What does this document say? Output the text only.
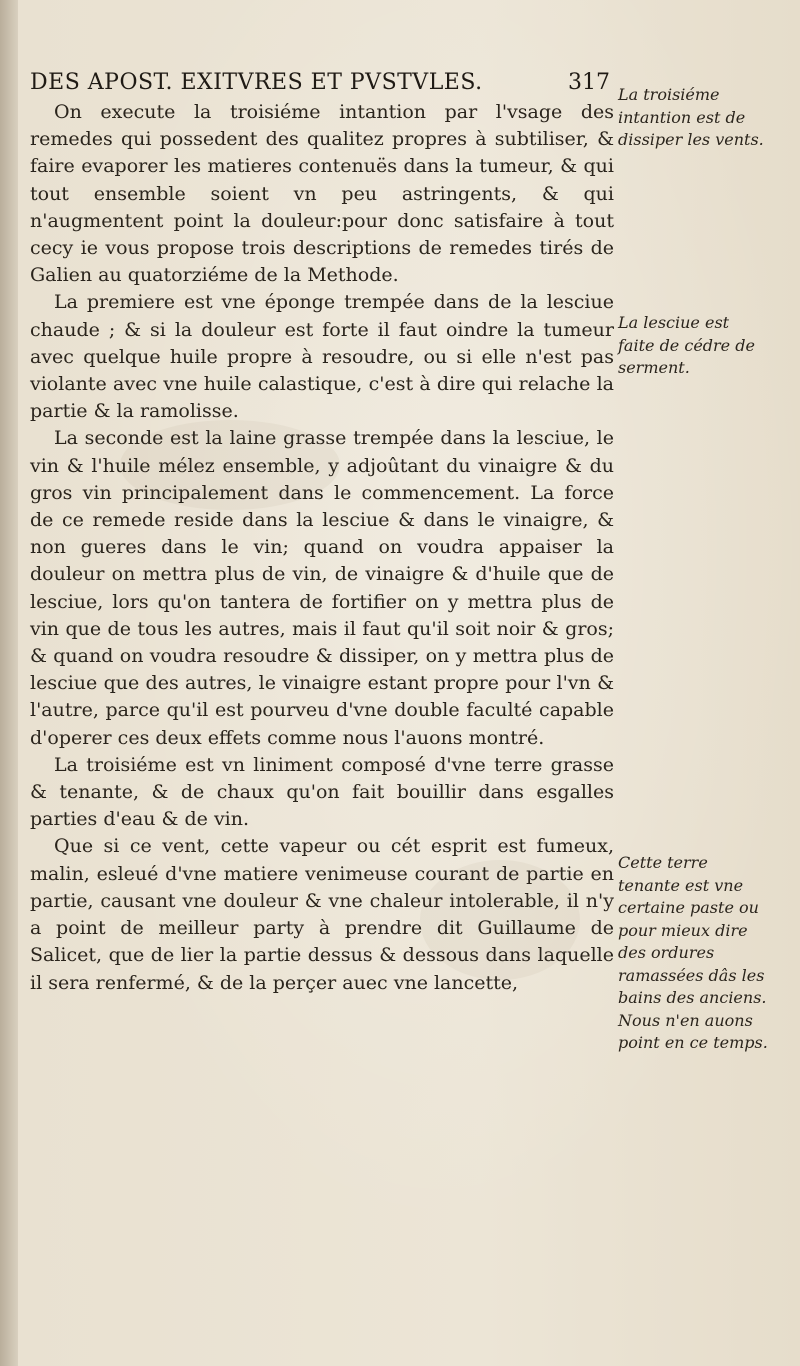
DES APOST. EXITVRES ET PVSTVLES.	317

On execute la troisiéme intantion par l'vsage des remedes qui possedent des qualitez propres à subtiliser, & faire evaporer les matieres contenuës dans la tumeur, & qui tout ensemble soient vn peu astringents, & qui n'augmentent point la douleur:pour donc satisfaire à tout cecy ie vous propose trois descriptions de remedes tirés de Galien au quatorziéme de la Methode.

La premiere est vne éponge trempée dans de la lesciue chaude ; & si la douleur est forte il faut oindre la tumeur avec quelque huile propre à resoudre, ou si elle n'est pas violante avec vne huile calastique, c'est à dire qui relache la partie & la ramolisse.

La seconde est la laine grasse trempée dans la lesciue, le vin & l'huile mélez ensemble, y adjoûtant du vinaigre & du gros vin principalement dans le commencement. La force de ce remede reside dans la lesciue & dans le vinaigre, & non gueres dans le vin; quand on voudra appaiser la douleur on mettra plus de vin, de vinaigre & d'huile que de lesciue, lors qu'on tantera de fortifier on y mettra plus de vin que de tous les autres, mais il faut qu'il soit noir & gros; & quand on voudra resoudre & dissiper, on y mettra plus de lesciue que des autres, le vinaigre estant propre pour l'vn & l'autre, parce qu'il est pourveu d'vne double faculté capable d'operer ces deux effets comme nous l'auons montré.

La troisiéme est vn liniment composé d'vne terre grasse & tenante, & de chaux qu'on fait bouillir dans esgalles parties d'eau & de vin.

Que si ce vent, cette vapeur ou cét esprit est fumeux, malin, esleué d'vne matiere venimeuse courant de partie en partie, causant vne douleur & vne chaleur intolerable, il n'y a point de meilleur party à prendre dit Guillaume de Salicet, que de lier la partie dessus & dessous dans laquelle il sera renfermé, & de la perçer auec vne lancette,

La troisiéme intantion est de dissiper les vents.
La lesciue est faite de cédre de serment.
Cette terre tenante est vne certaine paste ou pour mieux dire des ordures ramassées dâs les bains des anciens. Nous n'en auons point en ce temps.
